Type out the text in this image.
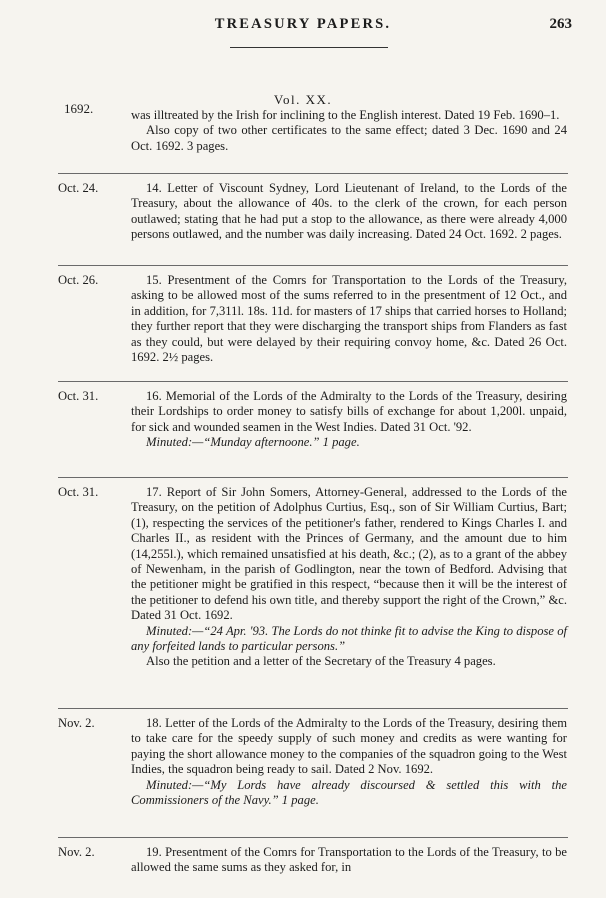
TREASURY PAPERS.	263
Vol. XX.
1692.	was illtreated by the Irish for inclining to the English interest. Dated 19 Feb. 1690–1.

Also copy of two other certificates to the same effect; dated 3 Dec. 1690 and 24 Oct. 1692. 3 pages.

Oct. 24.	14. Letter of Viscount Sydney, Lord Lieutenant of Ireland, to the Lords of the Treasury, about the allowance of 40s. to the clerk of the crown, for each person outlawed; stating that he had put a stop to the allowance, as there were already 4,000 persons outlawed, and the number was daily increasing. Dated 24 Oct. 1692. 2 pages.

Oct. 26.	15. Presentment of the Comrs for Transportation to the Lords of the Treasury, asking to be allowed most of the sums referred to in the presentment of 12 Oct., and in addition, for 7,311l. 18s. 11d. for masters of 17 ships that carried horses to Holland; they further report that they were discharging the transport ships from Flanders as fast as they could, but were delayed by their requiring convoy home, &c. Dated 26 Oct. 1692. 2½ pages.

Oct. 31.	16. Memorial of the Lords of the Admiralty to the Lords of the Treasury, desiring their Lordships to order money to satisfy bills of exchange for about 1,200l. unpaid, for sick and wounded seamen in the West Indies. Dated 31 Oct. '92.

Minuted:—“Munday afternoone.” 1 page.

Oct. 31.	17. Report of Sir John Somers, Attorney-General, addressed to the Lords of the Treasury, on the petition of Adolphus Curtius, Esq., son of Sir William Curtius, Bart; (1), respecting the services of the petitioner's father, rendered to Kings Charles I. and Charles II., as resident with the Princes of Germany, and the amount due to him (14,255l.), which remained unsatisfied at his death, &c.; (2), as to a grant of the abbey of Newenham, in the parish of Godlington, near the town of Bedford. Advising that the petitioner might be gratified in this respect, “because then it will be the interest of the petitioner to defend his own title, and thereby support the right of the Crown,” &c. Dated 31 Oct. 1692.

Minuted:—“24 Apr. '93. The Lords do not thinke fit to advise the King to dispose of any forfeited lands to particular persons.”

Also the petition and a letter of the Secretary of the Treasury 4 pages.

Nov. 2.	18. Letter of the Lords of the Admiralty to the Lords of the Treasury, desiring them to take care for the speedy supply of such money and credits as were wanting for paying the short allowance money to the companies of the squadron going to the West Indies, the squadron being ready to sail. Dated 2 Nov. 1692.

Minuted:—“My Lords have already discoursed & settled this with the Commissioners of the Navy.” 1 page.

Nov. 2.	19. Presentment of the Comrs for Transportation to the Lords of the Treasury, to be allowed the same sums as they asked for, in
